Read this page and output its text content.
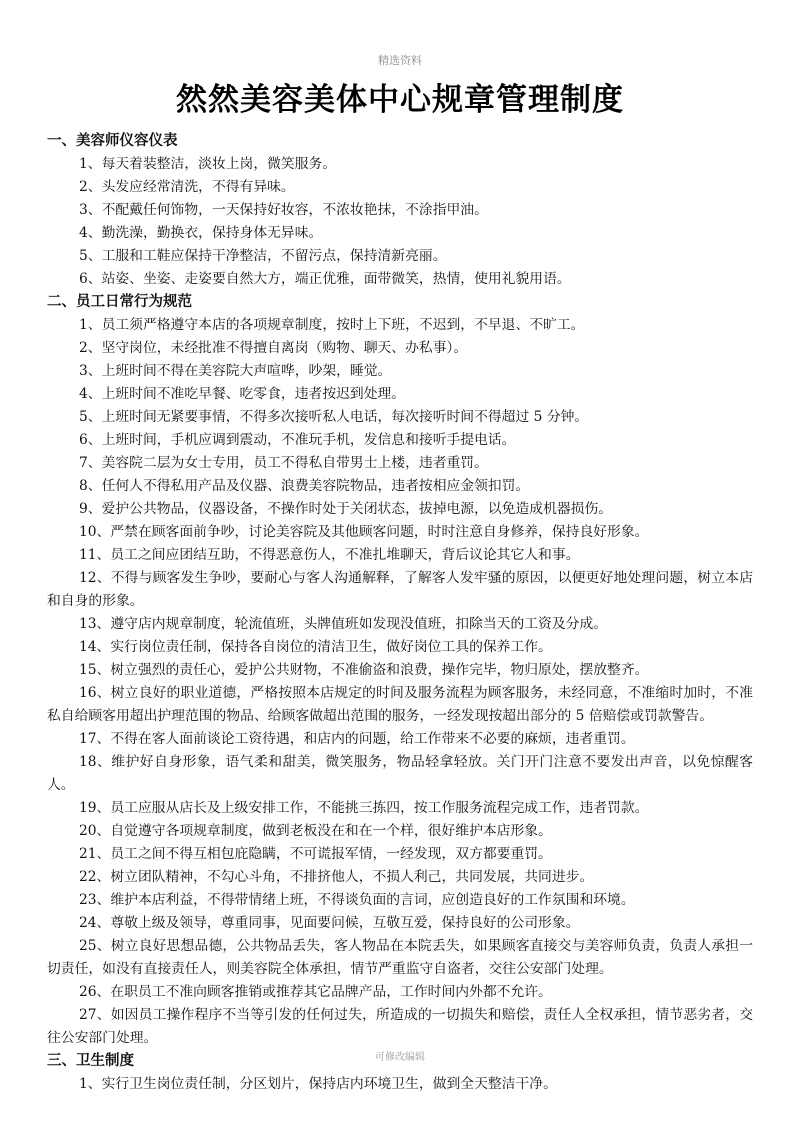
精选资料
然然美容美体中心规章管理制度
一、美容师仪容仪表

1、每天着装整洁，淡妆上岗，微笑服务。

2、头发应经常清洗，不得有异味。

3、不配戴任何饰物，一天保持好妆容，不浓妆艳抹，不涂指甲油。

4、勤洗澡，勤换衣，保持身体无异味。

5、工服和工鞋应保持干净整洁，不留污点，保持清新亮丽。

6、站姿、坐姿、走姿要自然大方，端正优雅，面带微笑，热情，使用礼貌用语。

二、员工日常行为规范

1、员工须严格遵守本店的各项规章制度，按时上下班，不迟到，不早退、不旷工。

2、坚守岗位，未经批准不得擅自离岗（购物、聊天、办私事）。

3、上班时间不得在美容院大声喧哗，吵架，睡觉。

4、上班时间不准吃早餐、吃零食，违者按迟到处理。

5、上班时间无紧要事情，不得多次接听私人电话，每次接听时间不得超过 5 分钟。

6、上班时间，手机应调到震动，不准玩手机，发信息和接听手提电话。

7、美容院二层为女士专用，员工不得私自带男士上楼，违者重罚。

8、任何人不得私用产品及仪器、浪费美容院物品，违者按相应金领扣罚。

9、爱护公共物品，仪器设备，不操作时处于关闭状态，拔掉电源，以免造成机器损伤。

10、严禁在顾客面前争吵，讨论美容院及其他顾客问题，时时注意自身修养，保持良好形象。

11、员工之间应团结互助，不得恶意伤人，不准扎堆聊天，背后议论其它人和事。

12、不得与顾客发生争吵，要耐心与客人沟通解释，了解客人发牢骚的原因，以便更好地处理问题，树立本店和自身的形象。

13、遵守店内规章制度，轮流值班，头牌值班如发现没值班，扣除当天的工资及分成。

14、实行岗位责任制，保持各自岗位的清洁卫生，做好岗位工具的保养工作。

15、树立强烈的责任心，爱护公共财物，不准偷盗和浪费，操作完毕，物归原处，摆放整齐。

16、树立良好的职业道德，严格按照本店规定的时间及服务流程为顾客服务，未经同意，不准缩时加时，不准私自给顾客用超出护理范围的物品、给顾客做超出范围的服务，一经发现按超出部分的 5 倍赔偿或罚款警告。

17、不得在客人面前谈论工资待遇，和店内的问题，给工作带来不必要的麻烦，违者重罚。

18、维护好自身形象，语气柔和甜美，微笑服务，物品轻拿轻放。关门开门注意不要发出声音，以免惊醒客人。

19、员工应服从店长及上级安排工作，不能挑三拣四，按工作服务流程完成工作，违者罚款。

20、自觉遵守各项规章制度，做到老板没在和在一个样，很好维护本店形象。

21、员工之间不得互相包庇隐瞒，不可谎报军情，一经发现，双方都要重罚。

22、树立团队精神，不勾心斗角，不排挤他人，不损人利己，共同发展，共同进步。

23、维护本店利益，不得带情绪上班，不得谈负面的言词，应创造良好的工作氛围和环境。

24、尊敬上级及领导，尊重同事，见面要问候，互敬互爱，保持良好的公司形象。

25、树立良好思想品德，公共物品丢失，客人物品在本院丢失，如果顾客直接交与美容师负责，负责人承担一切责任，如没有直接责任人，则美容院全体承担，情节严重监守自盗者，交往公安部门处理。

26、在职员工不准向顾客推销或推荐其它品牌产品，工作时间内外都不允许。

27、如因员工操作程序不当等引发的任何过失，所造成的一切损失和赔偿，责任人全权承担，情节恶劣者，交往公安部门处理。

三、卫生制度

1、实行卫生岗位责任制，分区划片，保持店内环境卫生，做到全天整洁干净。

可修改编辑
